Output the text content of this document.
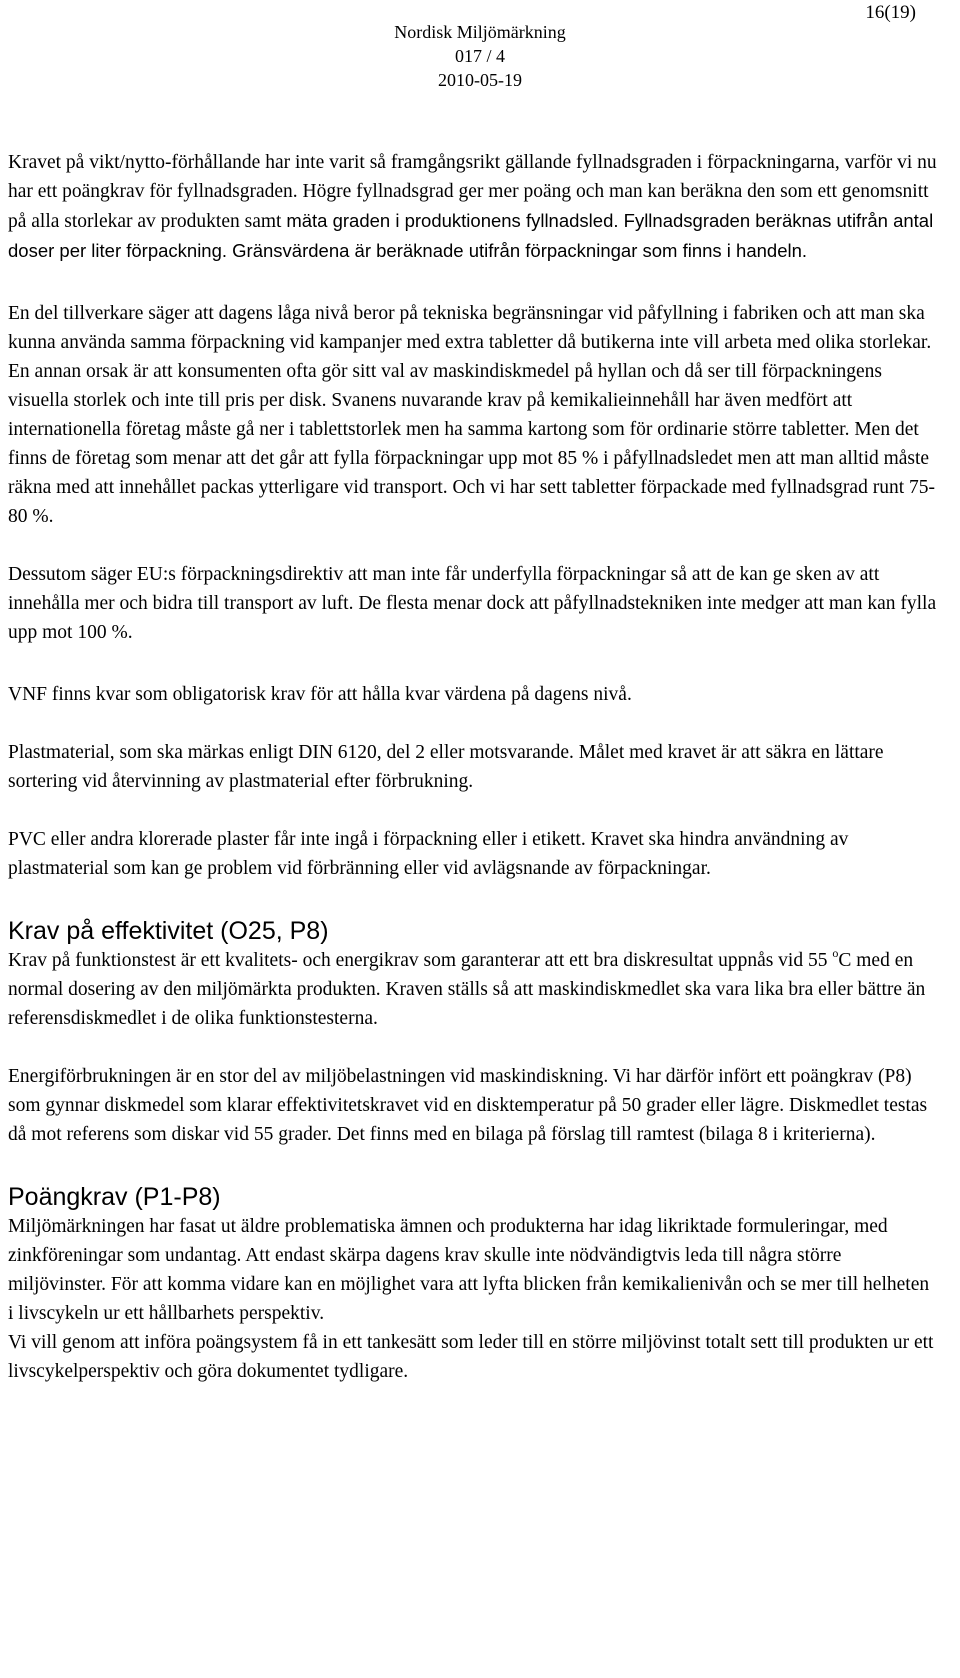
16(19)
Nordisk Miljömärkning
017 / 4
2010-05-19

Kravet på vikt/nytto-förhållande har inte varit så framgångsrikt gällande fyllnadsgraden i förpackningarna, varför vi nu har ett poängkrav för fyllnadsgraden. Högre fyllnadsgrad ger mer poäng och man kan beräkna den som ett genomsnitt på alla storlekar av produkten samt mäta graden i produktionens fyllnadsled. Fyllnadsgraden beräknas utifrån antal doser per liter förpackning. Gränsvärdena är beräknade utifrån förpackningar som finns i handeln.

En del tillverkare säger att dagens låga nivå beror på tekniska begränsningar vid påfyllning i fabriken och att man ska kunna använda samma förpackning vid kampanjer med extra tabletter då butikerna inte vill arbeta med olika storlekar. En annan orsak är att konsumenten ofta gör sitt val av maskindiskmedel på hyllan och då ser till förpackningens visuella storlek och inte till pris per disk. Svanens nuvarande krav på kemikalieinnehåll har även medfört att internationella företag måste gå ner i tablettstorlek men ha samma kartong som för ordinarie större tabletter. Men det finns de företag som menar att det går att fylla förpackningar upp mot 85 % i påfyllnadsledet men att man alltid måste räkna med att innehållet packas ytterligare vid transport. Och vi har sett tabletter förpackade med fyllnadsgrad runt 75-80 %.

Dessutom säger EU:s förpackningsdirektiv att man inte får underfylla förpackningar så att de kan ge sken av att innehålla mer och bidra till transport av luft. De flesta menar dock att påfyllnadstekniken inte medger att man kan fylla upp mot 100 %.

VNF finns kvar som obligatorisk krav för att hålla kvar värdena på dagens nivå.

Plastmaterial, som ska märkas enligt DIN 6120, del 2 eller motsvarande. Målet med kravet är att säkra en lättare sortering vid återvinning av plastmaterial efter förbrukning.

PVC eller andra klorerade plaster får inte ingå i förpackning eller i etikett. Kravet ska hindra användning av plastmaterial som kan ge problem vid förbränning eller vid avlägsnande av förpackningar.

Krav på effektivitet (O25, P8)

Krav på funktionstest är ett kvalitets- och energikrav som garanterar att ett bra diskresultat uppnås vid 55 $^o$C med en normal dosering av den miljömärkta produkten. Kraven ställs så att maskindiskmedlet ska vara lika bra eller bättre än referensdiskmedlet i de olika funktionstesterna.

Energiförbrukningen är en stor del av miljöbelastningen vid maskindiskning. Vi har därför infört ett poängkrav (P8) som gynnar diskmedel som klarar effektivitetskravet vid en disktemperatur på 50 grader eller lägre. Diskmedlet testas då mot referens som diskar vid 55 grader. Det finns med en bilaga på förslag till ramtest (bilaga 8 i kriterierna).

Poängkrav (P1-P8)

Miljömärkningen har fasat ut äldre problematiska ämnen och produkterna har idag likriktade formuleringar, med zinkföreningar som undantag. Att endast skärpa dagens krav skulle inte nödvändigtvis leda till några större miljövinster. För att komma vidare kan en möjlighet vara att lyfta blicken från kemikalienivån och se mer till helheten i livscykeln ur ett hållbarhets perspektiv.

Vi vill genom att införa poängsystem få in ett tankesätt som leder till en större miljövinst totalt sett till produkten ur ett livscykelperspektiv och göra dokumentet tydligare.
